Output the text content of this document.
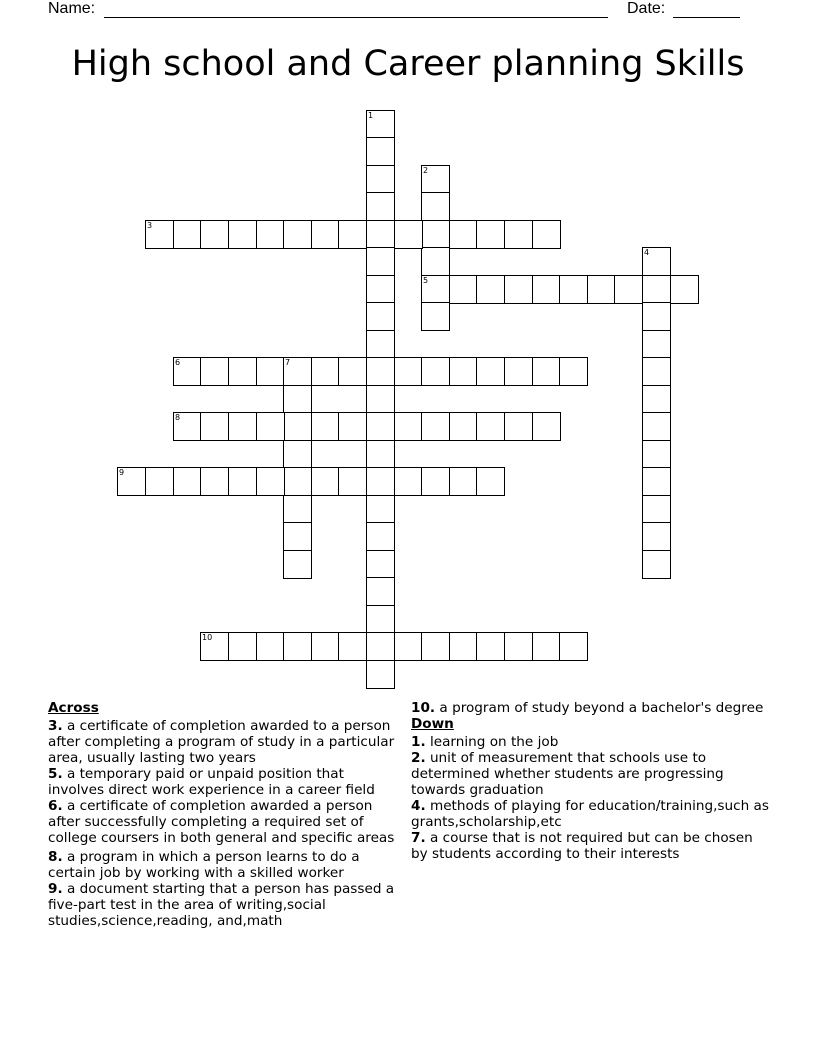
Name:	Date:
High school and Career planning Skills
1
2
3
4
5
6	7
8
9
10
Across
3. a certificate of completion awarded to a person after completing a program of study in a particular area, usually lasting two years
5. a temporary paid or unpaid position that involves direct work experience in a career field
6. a certificate of completion awarded a person after successfully completing a required set of college coursers in both general and specific areas
8. a program in which a person learns to do a certain job by working with a skilled worker
9. a document starting that a person has passed a five-part test in the area of writing,social studies,science,reading, and,math
10. a program of study beyond a bachelor's degree
Down
1. learning on the job
2. unit of measurement that schools use to determined whether students are progressing towards graduation
4. methods of playing for education/training,such as grants,scholarship,etc
7. a course that is not required but can be chosen by students according to their interests
